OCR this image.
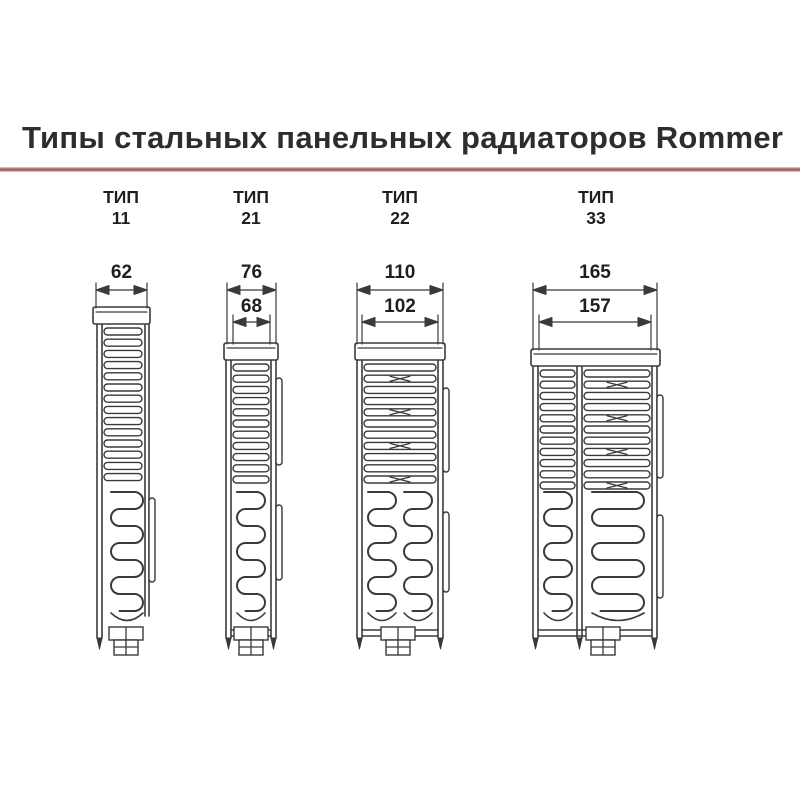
Типы стальных панельных радиаторов Rommer
ТИП
11
ТИП
21
ТИП
22
ТИП
33
62	76
68
110
102
165
157
